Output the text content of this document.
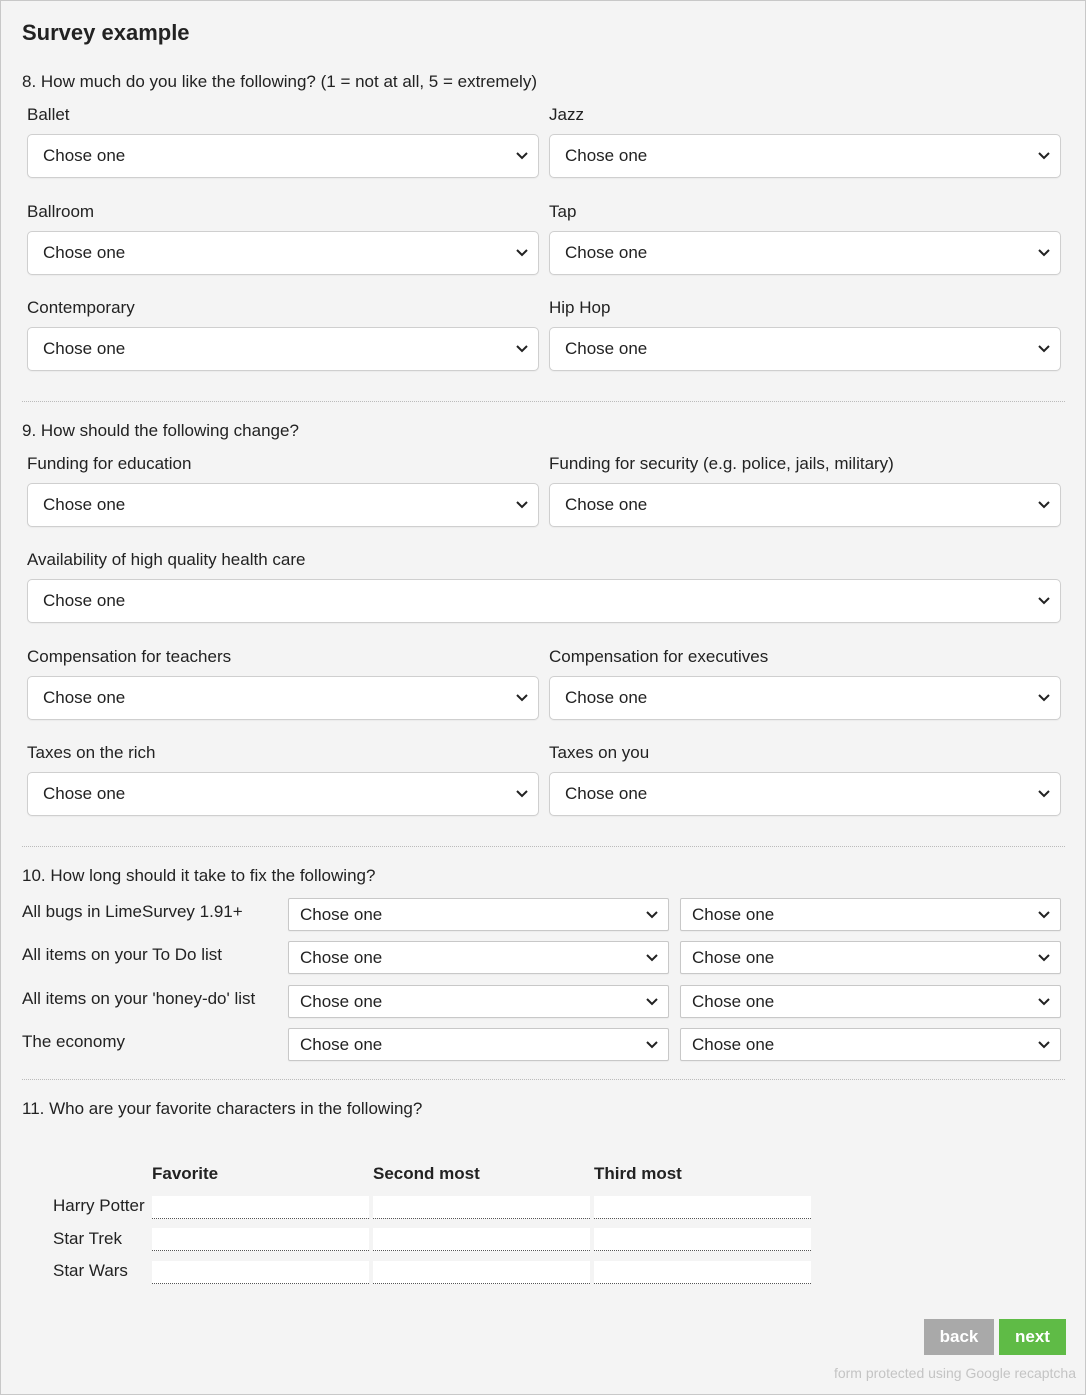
Survey example
8. How much do you like the following? (1 = not at all, 5 = extremely)
Ballet
Chose one
Jazz
Chose one
Ballroom
Chose one
Tap
Chose one
Contemporary
Chose one
Hip Hop
Chose one
9. How should the following change?
Funding for education
Chose one
Funding for security (e.g. police, jails, military)
Chose one
Availability of high quality health care
Chose one
Compensation for teachers
Chose one
Compensation for executives
Chose one
Taxes on the rich
Chose one
Taxes on you
Chose one
10. How long should it take to fix the following?
All bugs in LimeSurvey 1.91+	Chose one	Chose one
All items on your To Do list	Chose one	Chose one
All items on your 'honey-do' list	Chose one	Chose one
The economy	Chose one	Chose one
11. Who are your favorite characters in the following?
Favorite	Second most	Third most
Harry Potter
Star Trek
Star Wars
back	next
form protected using Google recaptcha
